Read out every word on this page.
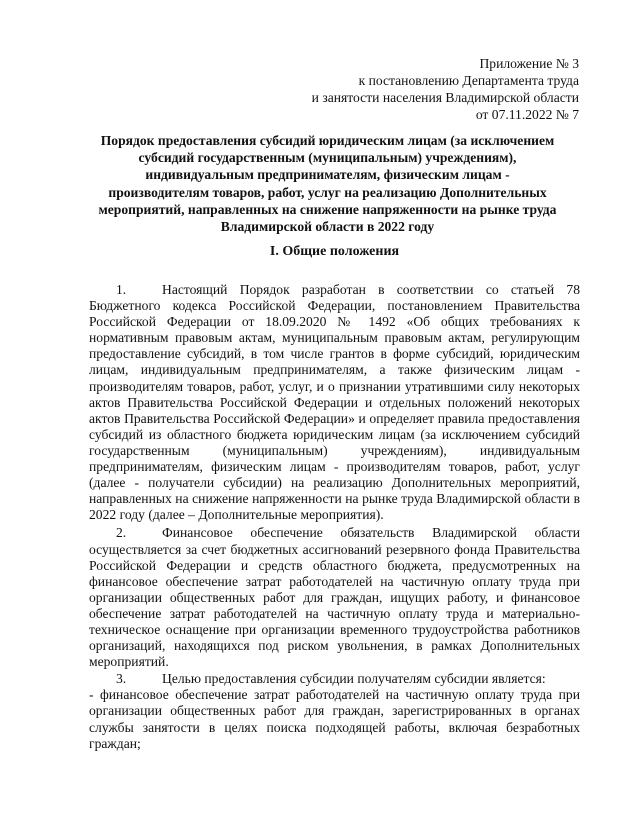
Приложение № 3
к постановлению Департамента труда
и занятости населения Владимирской области
от 07.11.2022 № 7
Порядок предоставления субсидий юридическим лицам (за исключением субсидий государственным (муниципальным) учреждениям), индивидуальным предпринимателям, физическим лицам - производителям товаров, работ, услуг на реализацию Дополнительных мероприятий, направленных на снижение напряженности на рынке труда Владимирской области в 2022 году
I. Общие положения

1.	Настоящий Порядок разработан в соответствии со статьей 78 Бюджетного кодекса Российской Федерации, постановлением Правительства Российской Федерации от 18.09.2020 № 1492 «Об общих требованиях к нормативным правовым актам, муниципальным правовым актам, регулирующим предоставление субсидий, в том числе грантов в форме субсидий, юридическим лицам, индивидуальным предпринимателям, а также физическим лицам - производителям товаров, работ, услуг, и о признании утратившими силу некоторых актов Правительства Российской Федерации и отдельных положений некоторых актов Правительства Российской Федерации» и определяет правила предоставления субсидий из областного бюджета юридическим лицам (за исключением субсидий государственным (муниципальным) учреждениям), индивидуальным предпринимателям, физическим лицам - производителям товаров, работ, услуг (далее - получатели субсидии) на реализацию Дополнительных мероприятий, направленных на снижение напряженности на рынке труда Владимирской области в 2022 году (далее – Дополнительные мероприятия).

2.	Финансовое обеспечение обязательств Владимирской области осуществляется за счет бюджетных ассигнований резервного фонда Правительства Российской Федерации и средств областного бюджета, предусмотренных на финансовое обеспечение затрат работодателей на частичную оплату труда при организации общественных работ для граждан, ищущих работу, и финансовое обеспечение затрат работодателей на частичную оплату труда и материально-техническое оснащение при организации временного трудоустройства работников организаций, находящихся под риском увольнения, в рамках Дополнительных мероприятий.

3.	Целью предоставления субсидии получателям субсидии является:

- финансовое обеспечение затрат работодателей на частичную оплату труда при организации общественных работ для граждан, зарегистрированных в органах службы занятости в целях поиска подходящей работы, включая безработных граждан;
